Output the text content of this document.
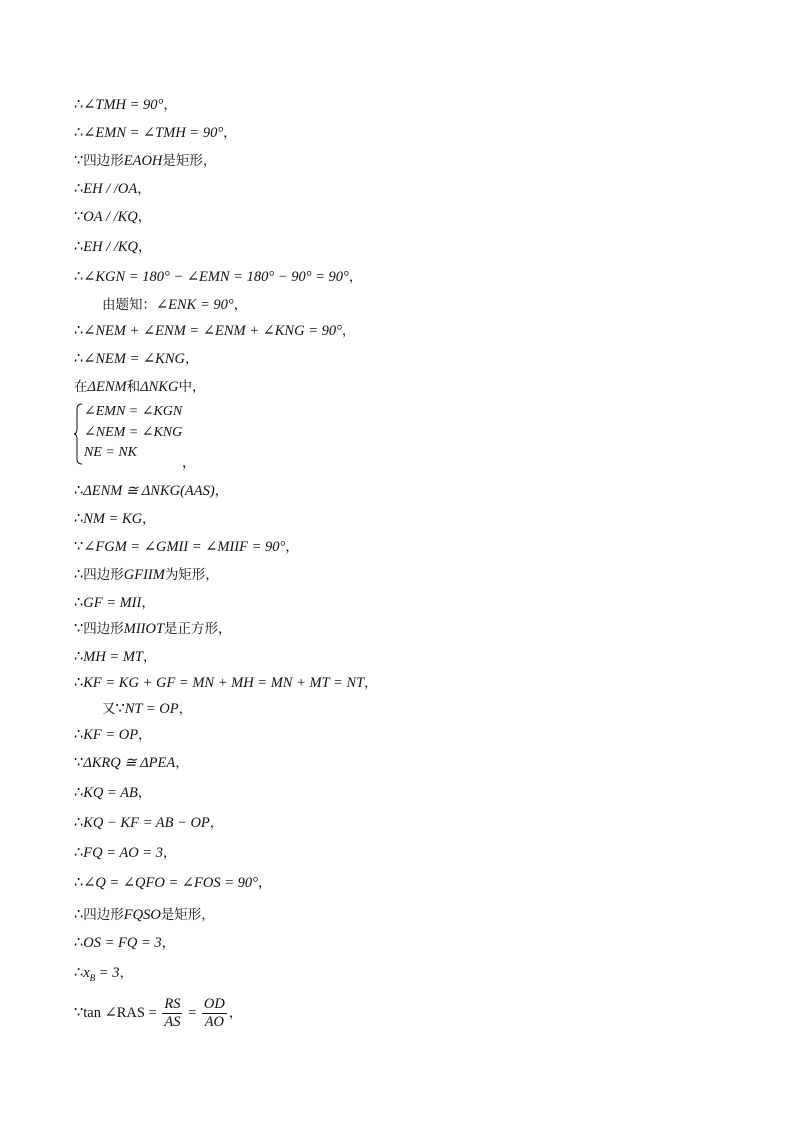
∴∠TMH = 90°，
∴∠EMN = ∠TMH = 90°，
∵四边形EAOH是矩形，
∴EH / /OA，
∵OA / /KQ，
∴EH / /KQ，
∴∠KGN = 180° − ∠EMN = 180° − 90° = 90°，
由题知：∠ENK = 90°，
∴∠NEM + ∠ENM = ∠ENM + ∠KNG = 90°，
∴∠NEM = ∠KNG，
在ΔENM和ΔNKG中，
∠EMN = ∠KGN
∠NEM = ∠KNG
NE = NK
，
∴ΔENM ≅ ΔNKG(AAS)，
∴NM = KG，
∵∠FGM = ∠GMII = ∠MIIF = 90°，
∴四边形GFIIM为矩形，
∴GF = MII，
∵四边形MIIOT是正方形，
∴MH = MT，
∴KF = KG + GF = MN + MH = MN + MT = NT，
又∵NT = OP，
∴KF = OP，
∵ΔKRQ ≅ ΔPEA，
∴KQ = AB，
∴KQ − KF = AB − OP，
∴FQ = AO = 3，
∴∠Q = ∠QFO = ∠FOS = 90°，
∴四边形FQSO是矩形，
∴OS = FQ = 3，
$\therefore x_B = 3$，
∵tan ∠RAS = $\frac{RS}{AS} = \frac{OD}{AO}$ ，
